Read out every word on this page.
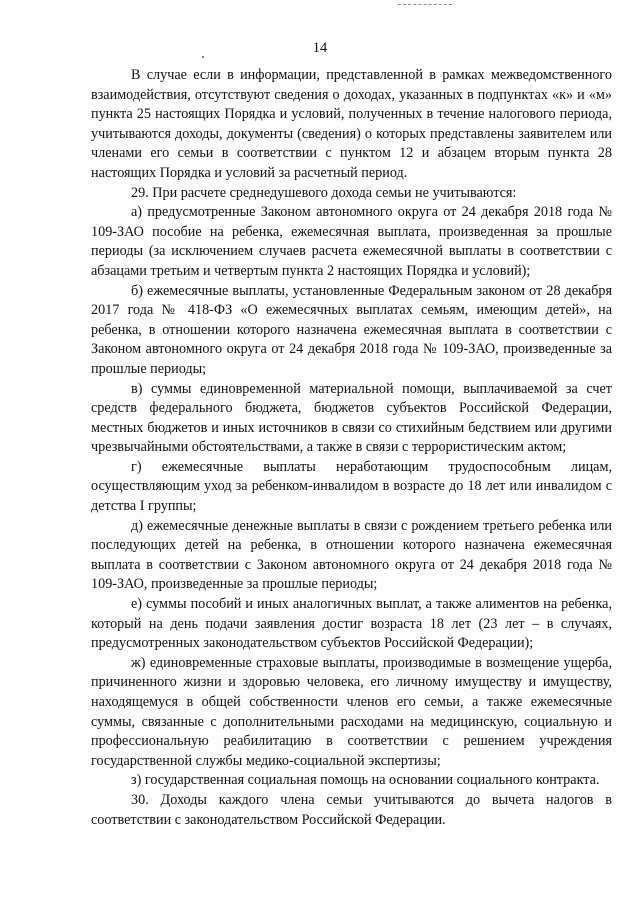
14

В случае если в информации, представленной в рамках межведомственного взаимодействия, отсутствуют сведения о доходах, указанных в подпунктах «к» и «м» пункта 25 настоящих Порядка и условий, полученных в течение налогового периода, учитываются доходы, документы (сведения) о которых представлены заявителем или членами его семьи в соответствии с пунктом 12 и абзацем вторым пункта 28 настоящих Порядка и условий за расчетный период.

29. При расчете среднедушевого дохода семьи не учитываются:

а) предусмотренные Законом автономного округа от 24 декабря 2018 года № 109-ЗАО пособие на ребенка, ежемесячная выплата, произведенная за прошлые периоды (за исключением случаев расчета ежемесячной выплаты в соответствии с абзацами третьим и четвертым пункта 2 настоящих Порядка и условий);

б) ежемесячные выплаты, установленные Федеральным законом от 28 декабря 2017 года № 418-ФЗ «О ежемесячных выплатах семьям, имеющим детей», на ребенка, в отношении которого назначена ежемесячная выплата в соответствии с Законом автономного округа от 24 декабря 2018 года № 109-ЗАО, произведенные за прошлые периоды;

в) суммы единовременной материальной помощи, выплачиваемой за счет средств федерального бюджета, бюджетов субъектов Российской Федерации, местных бюджетов и иных источников в связи со стихийным бедствием или другими чрезвычайными обстоятельствами, а также в связи с террористическим актом;

г) ежемесячные выплаты неработающим трудоспособным лицам, осуществляющим уход за ребенком-инвалидом в возрасте до 18 лет или инвалидом с детства I группы;

д) ежемесячные денежные выплаты в связи с рождением третьего ребенка или последующих детей на ребенка, в отношении которого назначена ежемесячная выплата в соответствии с Законом автономного округа от 24 декабря 2018 года № 109-ЗАО, произведенные за прошлые периоды;

е) суммы пособий и иных аналогичных выплат, а также алиментов на ребенка, который на день подачи заявления достиг возраста 18 лет (23 лет – в случаях, предусмотренных законодательством субъектов Российской Федерации);

ж) единовременные страховые выплаты, производимые в возмещение ущерба, причиненного жизни и здоровью человека, его личному имуществу и имуществу, находящемуся в общей собственности членов его семьи, а также ежемесячные суммы, связанные с дополнительными расходами на медицинскую, социальную и профессиональную реабилитацию в соответствии с решением учреждения государственной службы медико-социальной экспертизы;

з) государственная социальная помощь на основании социального контракта.

30. Доходы каждого члена семьи учитываются до вычета налогов в соответствии с законодательством Российской Федерации.
